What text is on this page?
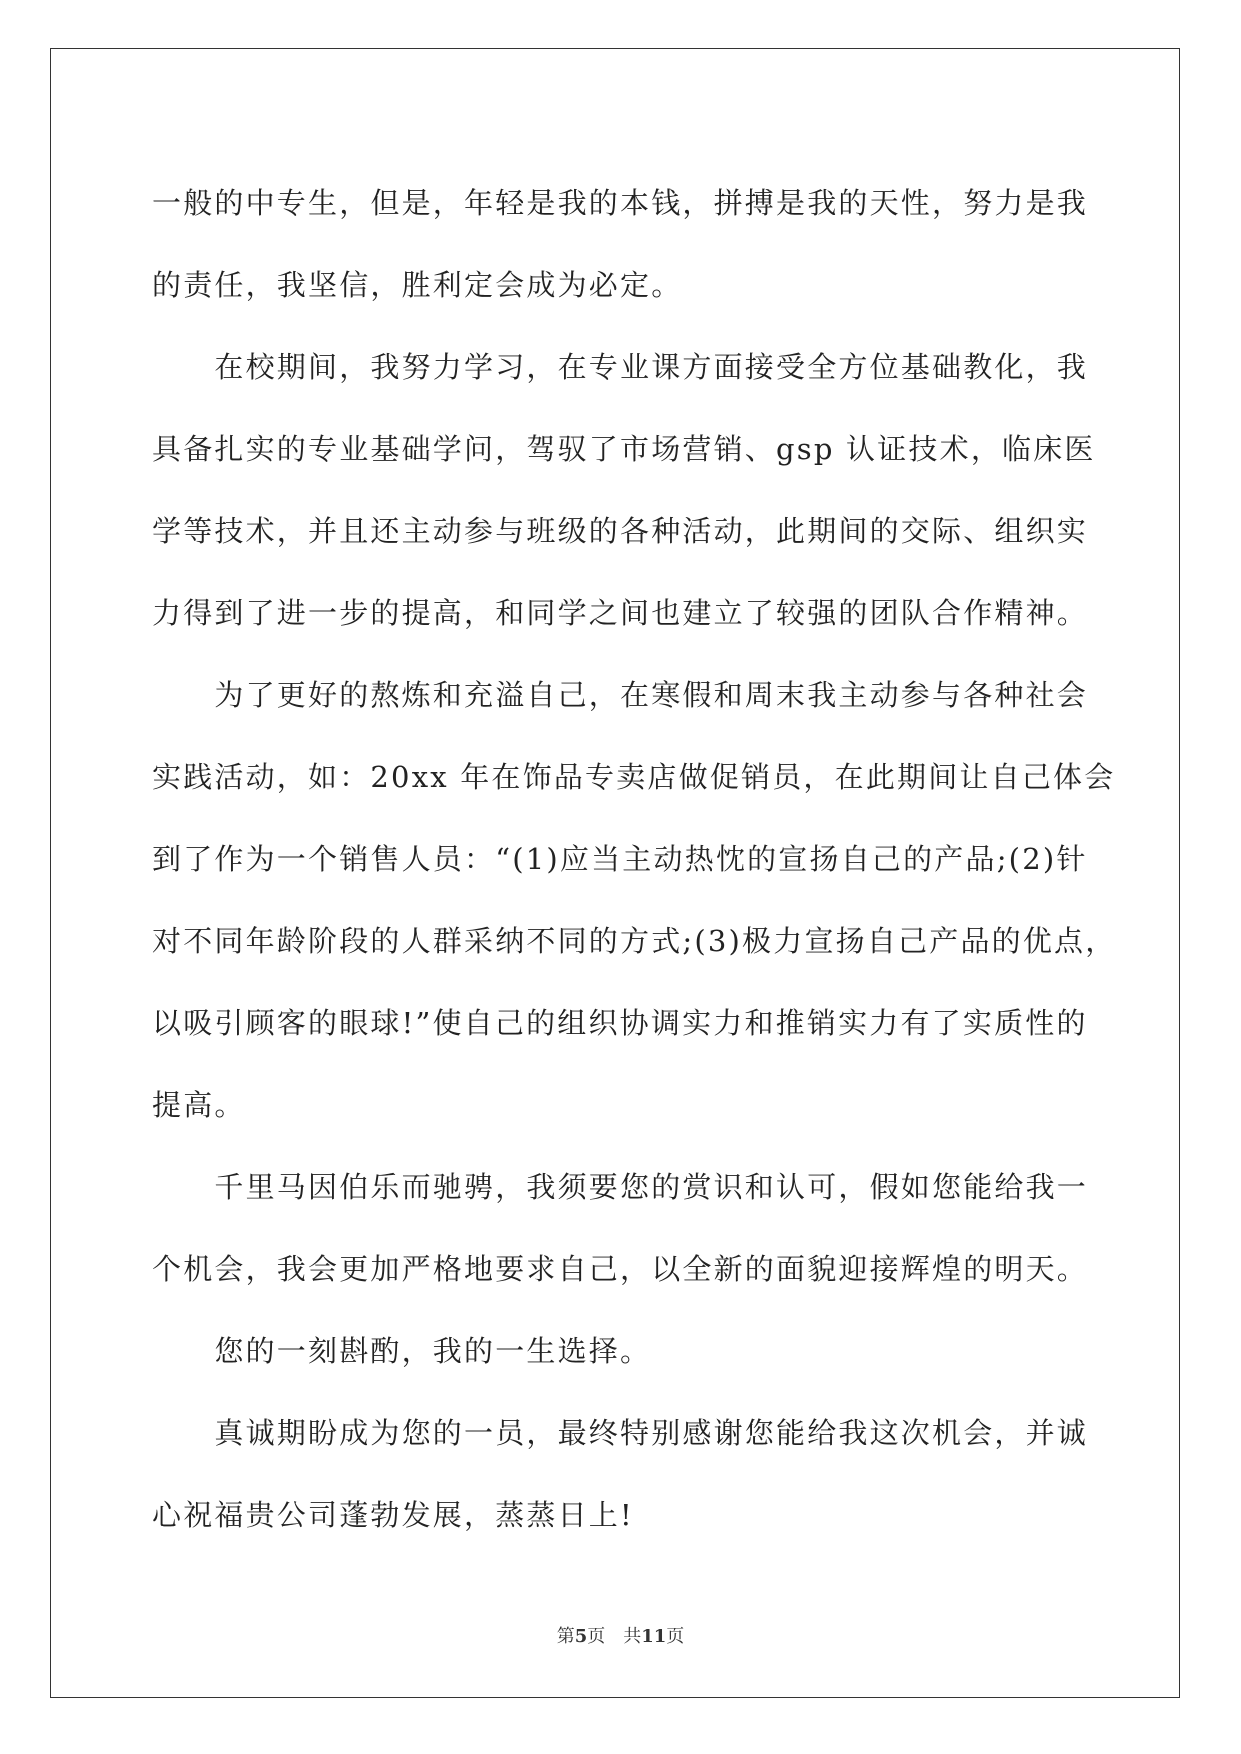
一般的中专生，但是，年轻是我的本钱，拼搏是我的天性，努力是我
的责任，我坚信，胜利定会成为必定。
　　在校期间，我努力学习，在专业课方面接受全方位基础教化，我
具备扎实的专业基础学问，驾驭了市场营销、gsp 认证技术，临床医
学等技术，并且还主动参与班级的各种活动，此期间的交际、组织实
力得到了进一步的提高，和同学之间也建立了较强的团队合作精神。
　　为了更好的熬炼和充溢自己，在寒假和周末我主动参与各种社会
实践活动，如：20xx 年在饰品专卖店做促销员，在此期间让自己体会
到了作为一个销售人员：“(1)应当主动热忱的宣扬自己的产品;(2)针
对不同年龄阶段的人群采纳不同的方式;(3)极力宣扬自己产品的优点，
以吸引顾客的眼球!”使自己的组织协调实力和推销实力有了实质性的
提高。
　　千里马因伯乐而驰骋，我须要您的赏识和认可，假如您能给我一
个机会，我会更加严格地要求自己，以全新的面貌迎接辉煌的明天。
　　您的一刻斟酌，我的一生选择。
　　真诚期盼成为您的一员，最终特别感谢您能给我这次机会，并诚
心祝福贵公司蓬勃发展，蒸蒸日上!
第5页　共11页
